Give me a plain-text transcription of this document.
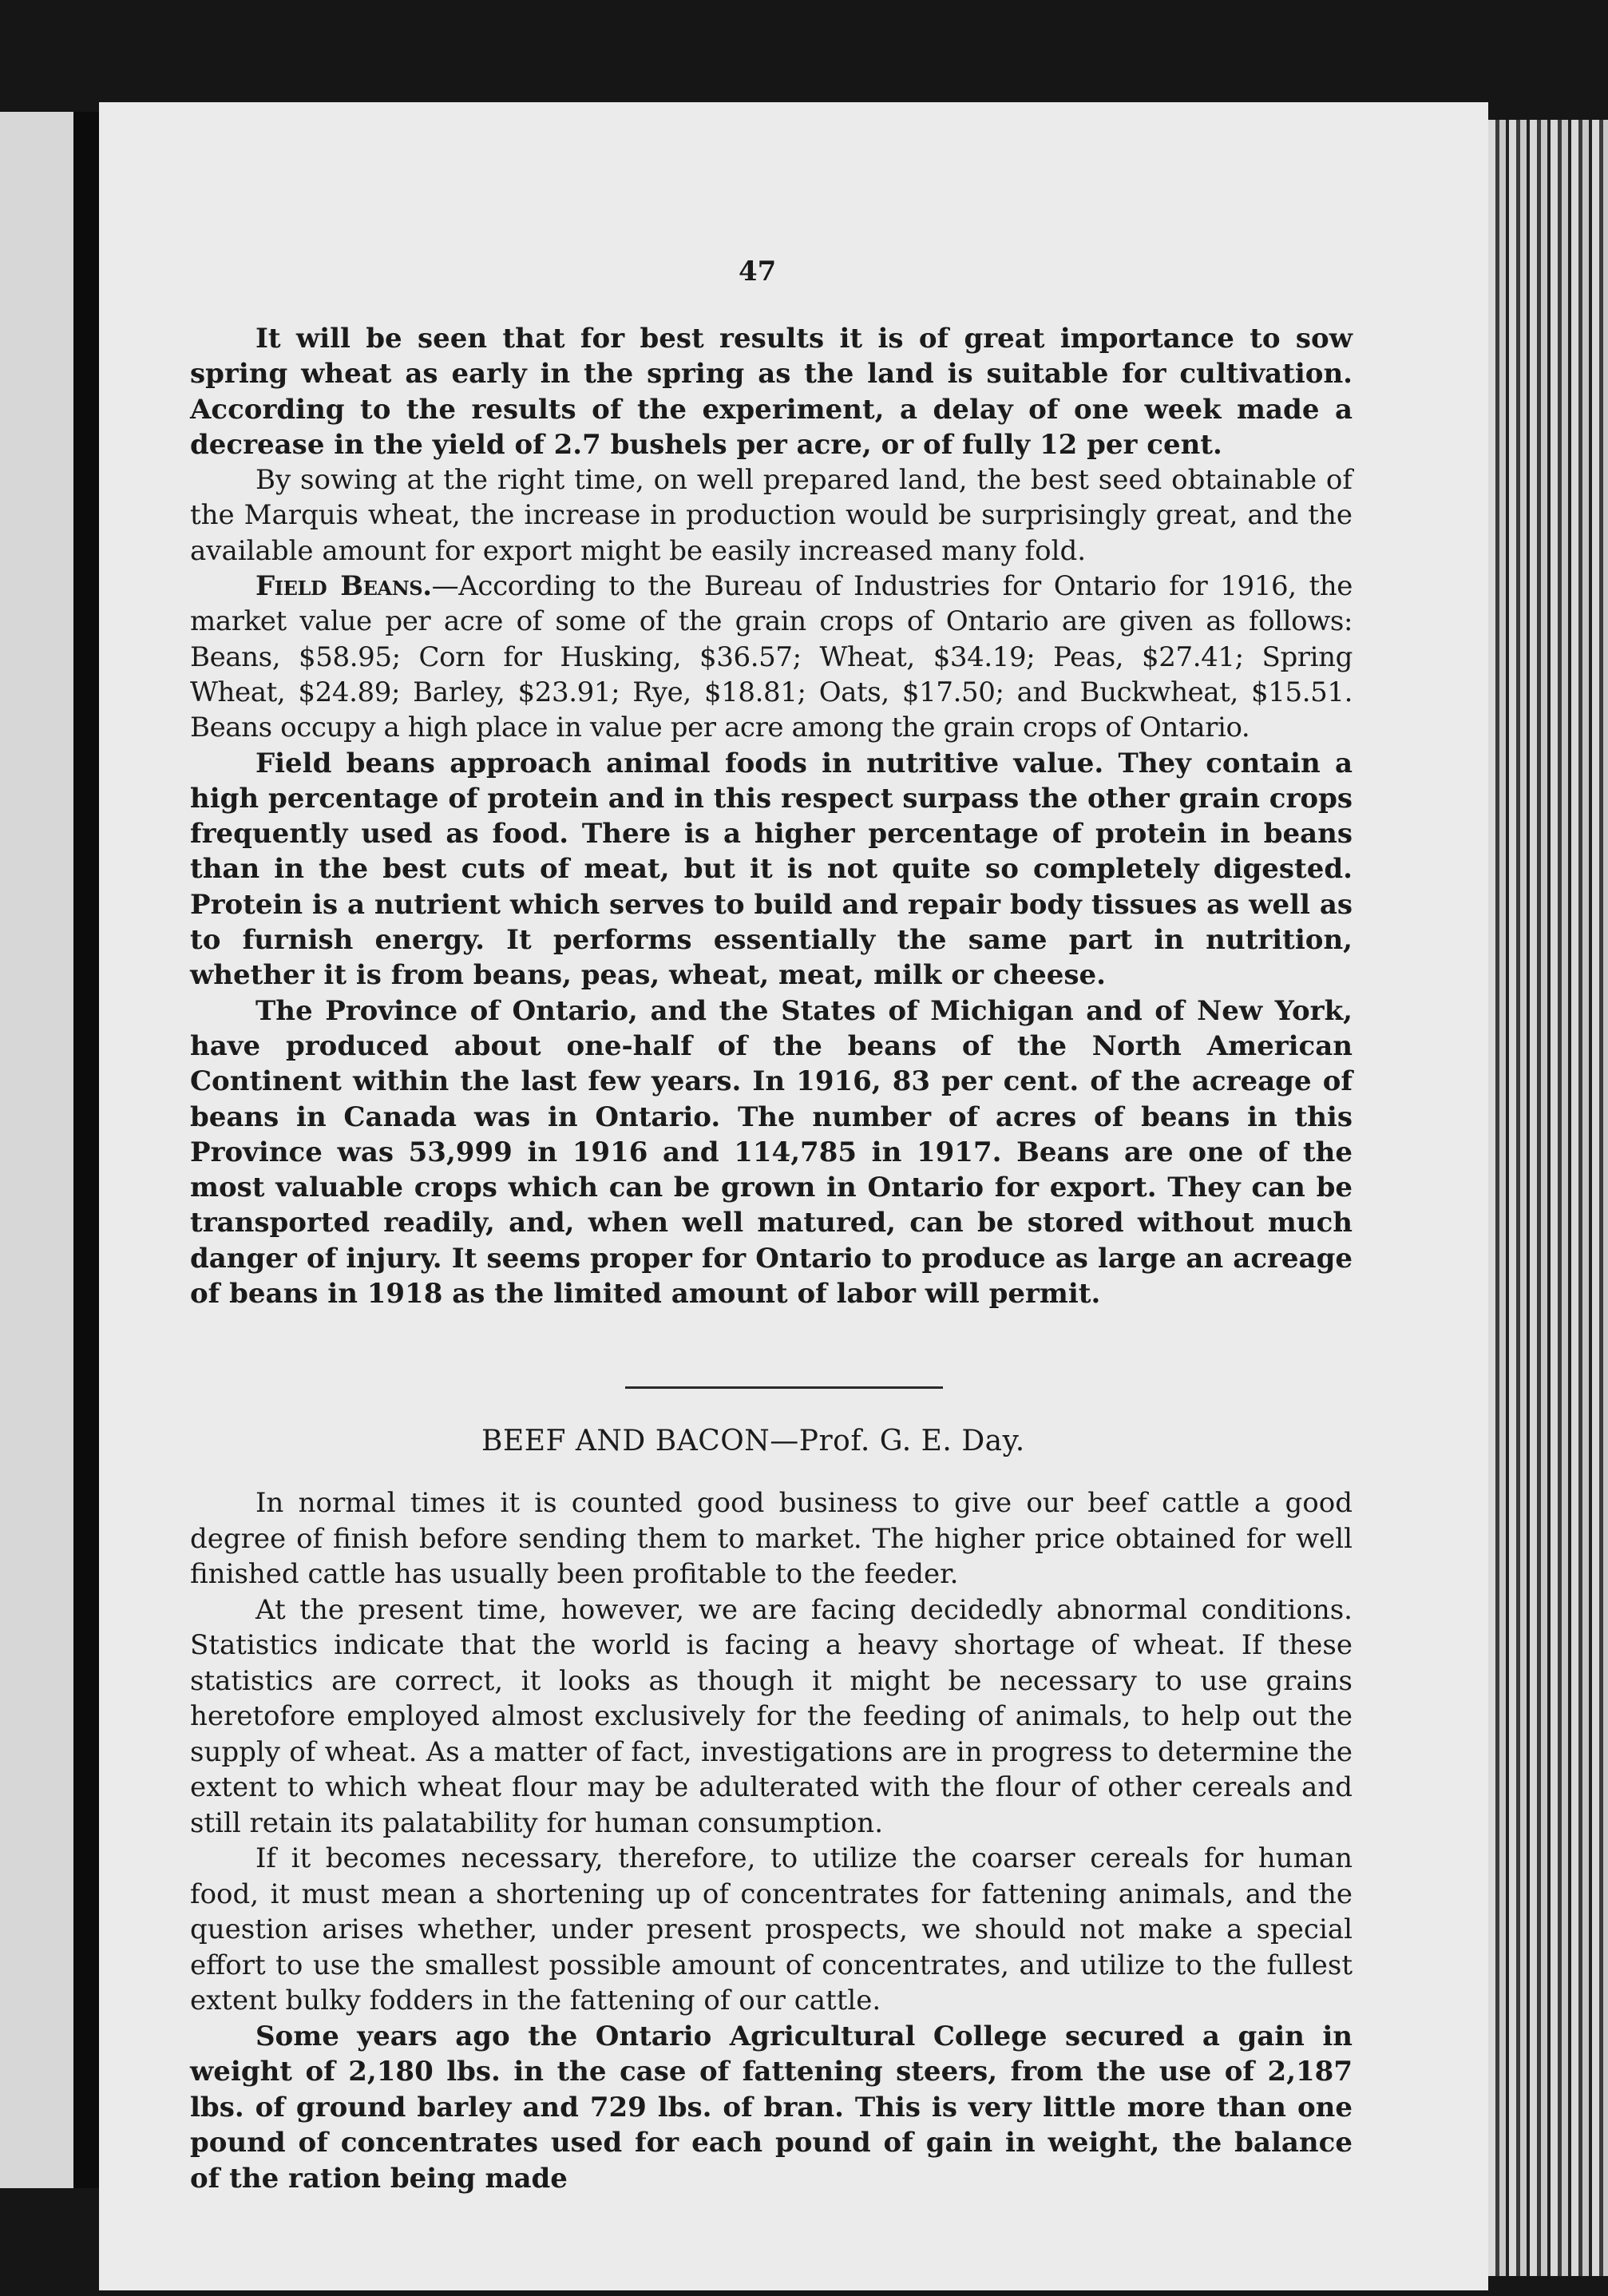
47

It will be seen that for best results it is of great importance to sow spring wheat as early in the spring as the land is suitable for cultivation. According to the results of the experiment, a delay of one week made a decrease in the yield of 2.7 bushels per acre, or of fully 12 per cent.

By sowing at the right time, on well prepared land, the best seed obtainable of the Marquis wheat, the increase in production would be surprisingly great, and the available amount for export might be easily increased many fold.

Field Beans.—According to the Bureau of Industries for Ontario for 1916, the market value per acre of some of the grain crops of Ontario are given as follows: Beans, $58.95; Corn for Husking, $36.57; Wheat, $34.19; Peas, $27.41; Spring Wheat, $24.89; Barley, $23.91; Rye, $18.81; Oats, $17.50; and Buckwheat, $15.51. Beans occupy a high place in value per acre among the grain crops of Ontario.

Field beans approach animal foods in nutritive value. They contain a high percentage of protein and in this respect surpass the other grain crops frequently used as food. There is a higher percentage of protein in beans than in the best cuts of meat, but it is not quite so completely digested. Protein is a nutrient which serves to build and repair body tissues as well as to furnish energy. It performs essentially the same part in nutrition, whether it is from beans, peas, wheat, meat, milk or cheese.

The Province of Ontario, and the States of Michigan and of New York, have produced about one-half of the beans of the North American Continent within the last few years. In 1916, 83 per cent. of the acreage of beans in Canada was in Ontario. The number of acres of beans in this Province was 53,999 in 1916 and 114,785 in 1917. Beans are one of the most valuable crops which can be grown in Ontario for export. They can be transported readily, and, when well matured, can be stored without much danger of injury. It seems proper for Ontario to produce as large an acreage of beans in 1918 as the limited amount of labor will permit.

BEEF AND BACON—Prof. G. E. Day.

In normal times it is counted good business to give our beef cattle a good degree of finish before sending them to market. The higher price obtained for well finished cattle has usually been profitable to the feeder.

At the present time, however, we are facing decidedly abnormal conditions. Statistics indicate that the world is facing a heavy shortage of wheat. If these statistics are correct, it looks as though it might be necessary to use grains heretofore employed almost exclusively for the feeding of animals, to help out the supply of wheat. As a matter of fact, investigations are in progress to determine the extent to which wheat flour may be adulterated with the flour of other cereals and still retain its palatability for human consumption.

If it becomes necessary, therefore, to utilize the coarser cereals for human food, it must mean a shortening up of concentrates for fattening animals, and the question arises whether, under present prospects, we should not make a special effort to use the smallest possible amount of concentrates, and utilize to the fullest extent bulky fodders in the fattening of our cattle.

Some years ago the Ontario Agricultural College secured a gain in weight of 2,180 lbs. in the case of fattening steers, from the use of 2,187 lbs. of ground barley and 729 lbs. of bran. This is very little more than one pound of concentrates used for each pound of gain in weight, the balance of the ration being made
